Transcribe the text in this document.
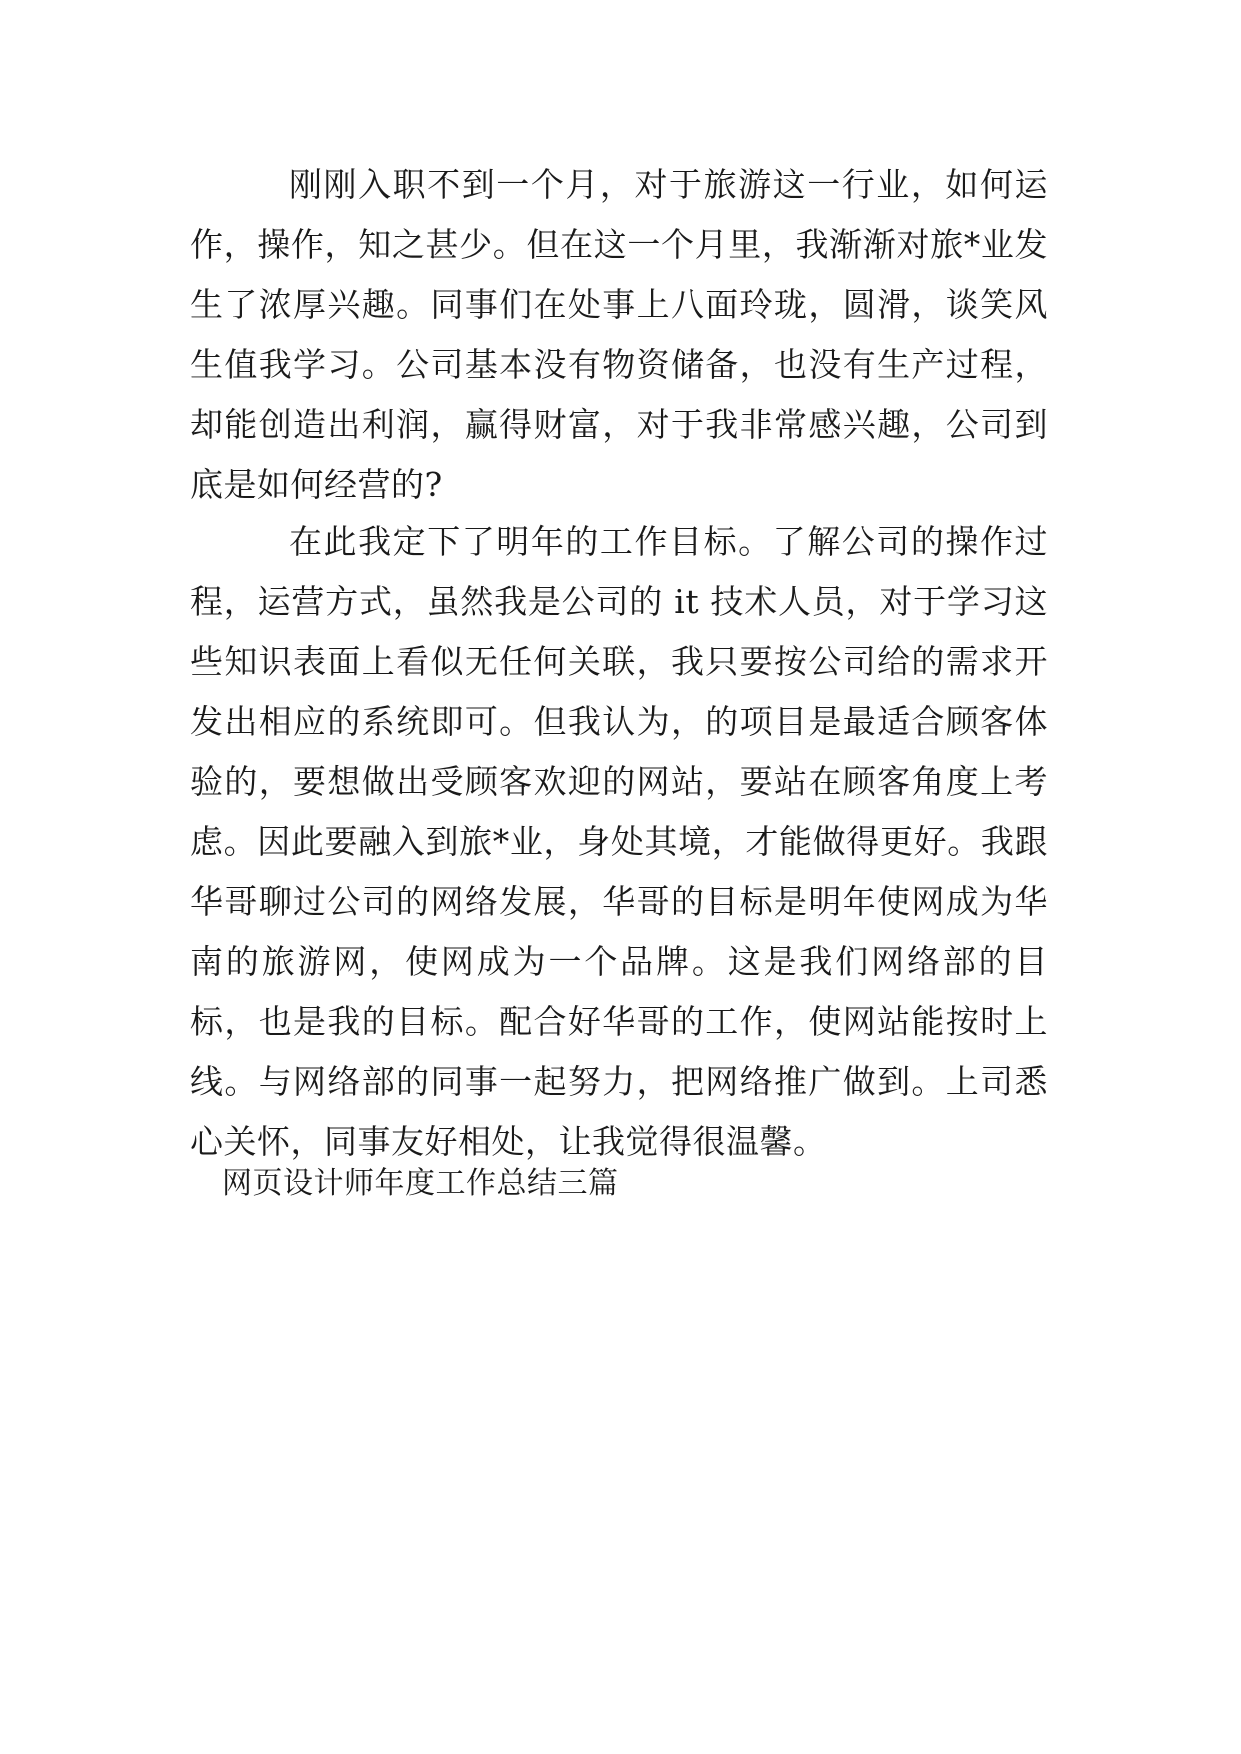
刚刚入职不到一个月，对于旅游这一行业，如何运作，操作，知之甚少。但在这一个月里，我渐渐对旅*业发生了浓厚兴趣。同事们在处事上八面玲珑，圆滑，谈笑风生值我学习。公司基本没有物资储备，也没有生产过程，却能创造出利润，赢得财富，对于我非常感兴趣，公司到底是如何经营的?

在此我定下了明年的工作目标。了解公司的操作过程，运营方式，虽然我是公司的 it 技术人员，对于学习这些知识表面上看似无任何关联，我只要按公司给的需求开发出相应的系统即可。但我认为，的项目是最适合顾客体验的，要想做出受顾客欢迎的网站，要站在顾客角度上考虑。因此要融入到旅*业，身处其境，才能做得更好。我跟华哥聊过公司的网络发展，华哥的目标是明年使网成为华南的旅游网，使网成为一个品牌。这是我们网络部的目标，也是我的目标。配合好华哥的工作，使网站能按时上线。与网络部的同事一起努力，把网络推广做到。上司悉心关怀，同事友好相处，让我觉得很温馨。

网页设计师年度工作总结三篇
